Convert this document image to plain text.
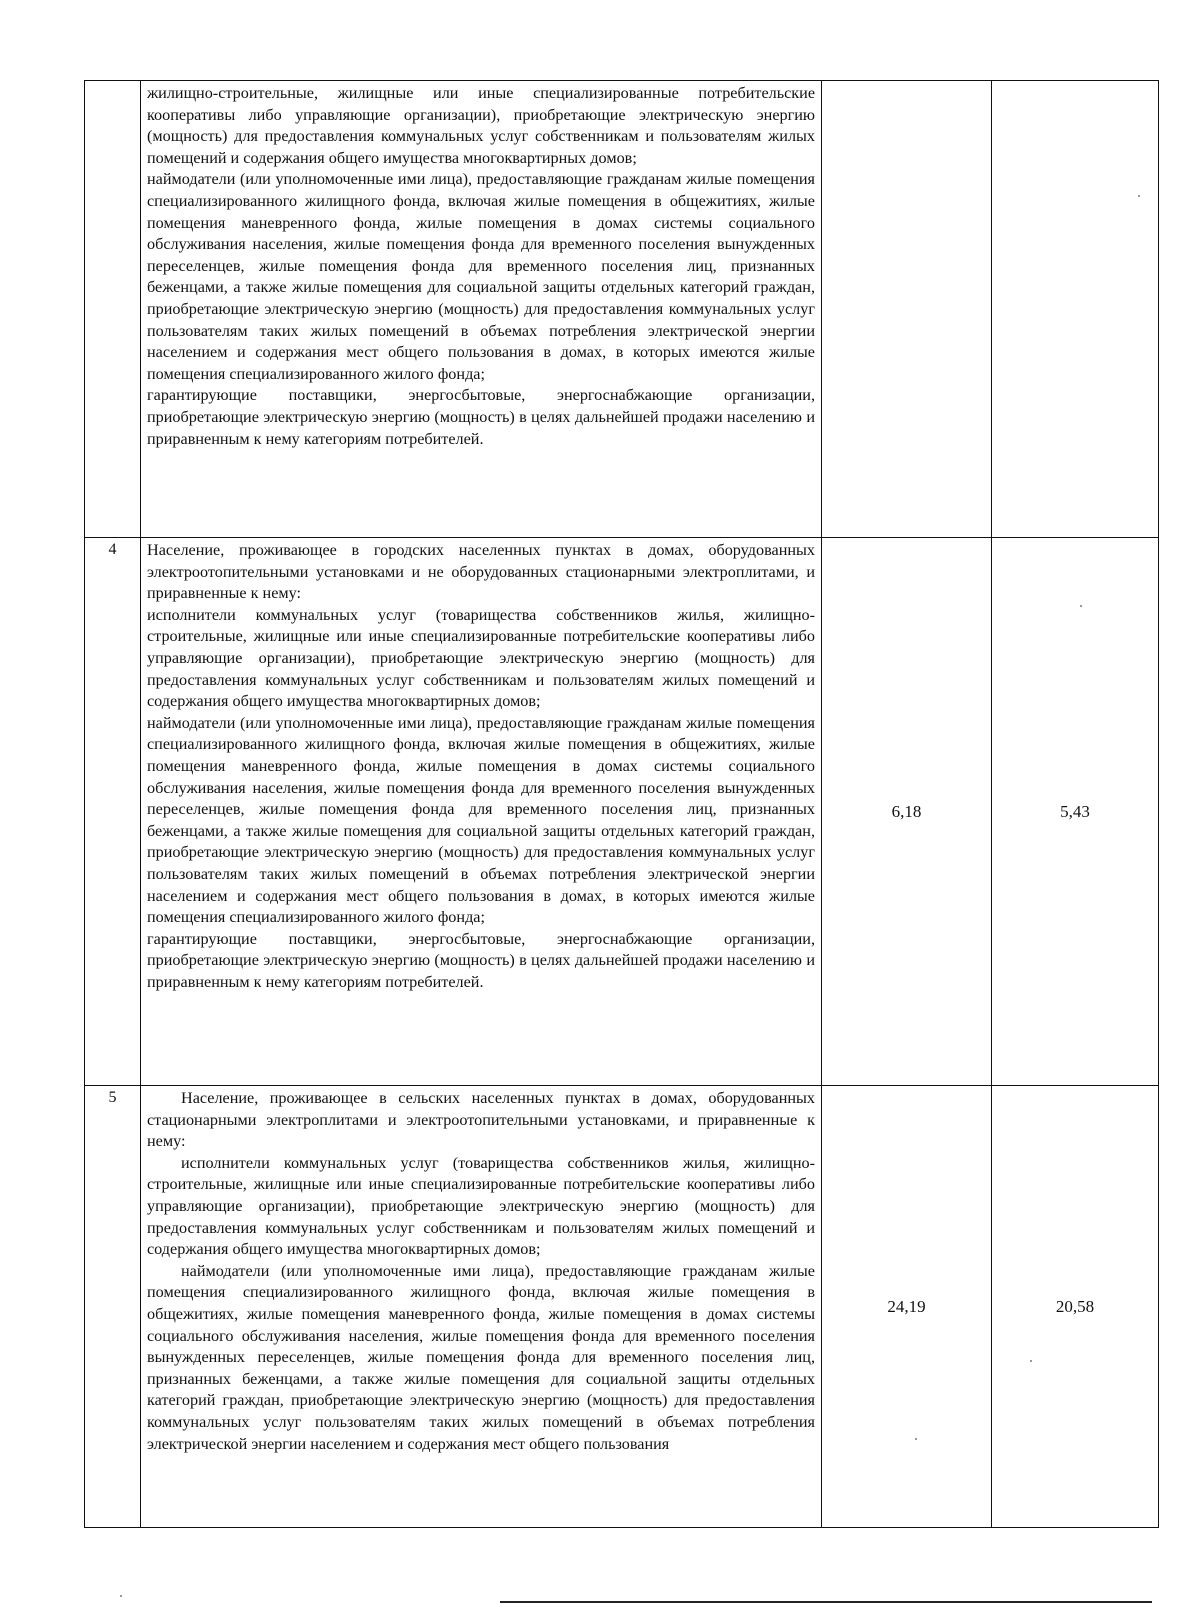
	жилищно-строительные, жилищные или иные специализированные потребительские кооперативы либо управляющие организации), приобретающие электрическую энергию (мощность) для предоставления коммунальных услуг собственникам и пользователям жилых помещений и содержания общего имущества многоквартирных домов;

наймодатели (или уполномоченные ими лица), предоставляющие гражданам жилые помещения специализированного жилищного фонда, включая жилые помещения в общежитиях, жилые помещения маневренного фонда, жилые помещения в домах системы социального обслуживания населения, жилые помещения фонда для временного поселения вынужденных переселенцев, жилые помещения фонда для временного поселения лиц, признанных беженцами, а также жилые помещения для социальной защиты отдельных категорий граждан, приобретающие электрическую энергию (мощность) для предоставления коммунальных услуг пользователям таких жилых помещений в объемах потребления электрической энергии населением и содержания мест общего пользования в домах, в которых имеются жилые помещения специализированного жилого фонда;

гарантирующие поставщики, энергосбытовые, энергоснабжающие организации, приобретающие электрическую энергию (мощность) в целях дальнейшей продажи населению и приравненным к нему категориям потребителей.		

4	Население, проживающее в городских населенных пунктах в домах, оборудованных электроотопительными установками и не оборудованных стационарными электроплитами, и приравненные к нему:

исполнители коммунальных услуг (товарищества собственников жилья, жилищно-строительные, жилищные или иные специализированные потребительские кооперативы либо управляющие организации), приобретающие электрическую энергию (мощность) для предоставления коммунальных услуг собственникам и пользователям жилых помещений и содержания общего имущества многоквартирных домов;

наймодатели (или уполномоченные ими лица), предоставляющие гражданам жилые помещения специализированного жилищного фонда, включая жилые помещения в общежитиях, жилые помещения маневренного фонда, жилые помещения в домах системы социального обслуживания населения, жилые помещения фонда для временного поселения вынужденных переселенцев, жилые помещения фонда для временного поселения лиц, признанных беженцами, а также жилые помещения для социальной защиты отдельных категорий граждан, приобретающие электрическую энергию (мощность) для предоставления коммунальных услуг пользователям таких жилых помещений в объемах потребления электрической энергии населением и содержания мест общего пользования в домах, в которых имеются жилые помещения специализированного жилого фонда;

гарантирующие поставщики, энергосбытовые, энергоснабжающие организации, приобретающие электрическую энергию (мощность) в целях дальнейшей продажи населению и приравненным к нему категориям потребителей.	6,18	5,43
5	Население, проживающее в сельских населенных пунктах в домах, оборудованных стационарными электроплитами и электроотопительными установками, и приравненные к нему:

исполнители коммунальных услуг (товарищества собственников жилья, жилищно-строительные, жилищные или иные специализированные потребительские кооперативы либо управляющие организации), приобретающие электрическую энергию (мощность) для предоставления коммунальных услуг собственникам и пользователям жилых помещений и содержания общего имущества многоквартирных домов;

наймодатели (или уполномоченные ими лица), предоставляющие гражданам жилые помещения специализированного жилищного фонда, включая жилые помещения в общежитиях, жилые помещения маневренного фонда, жилые помещения в домах системы социального обслуживания населения, жилые помещения фонда для временного поселения вынужденных переселенцев, жилые помещения фонда для временного поселения лиц, признанных беженцами, а также жилые помещения для социальной защиты отдельных категорий граждан, приобретающие электрическую энергию (мощность) для предоставления коммунальных услуг пользователям таких жилых помещений в объемах потребления электрической энергии населением и содержания мест общего пользования	24,19	20,58
